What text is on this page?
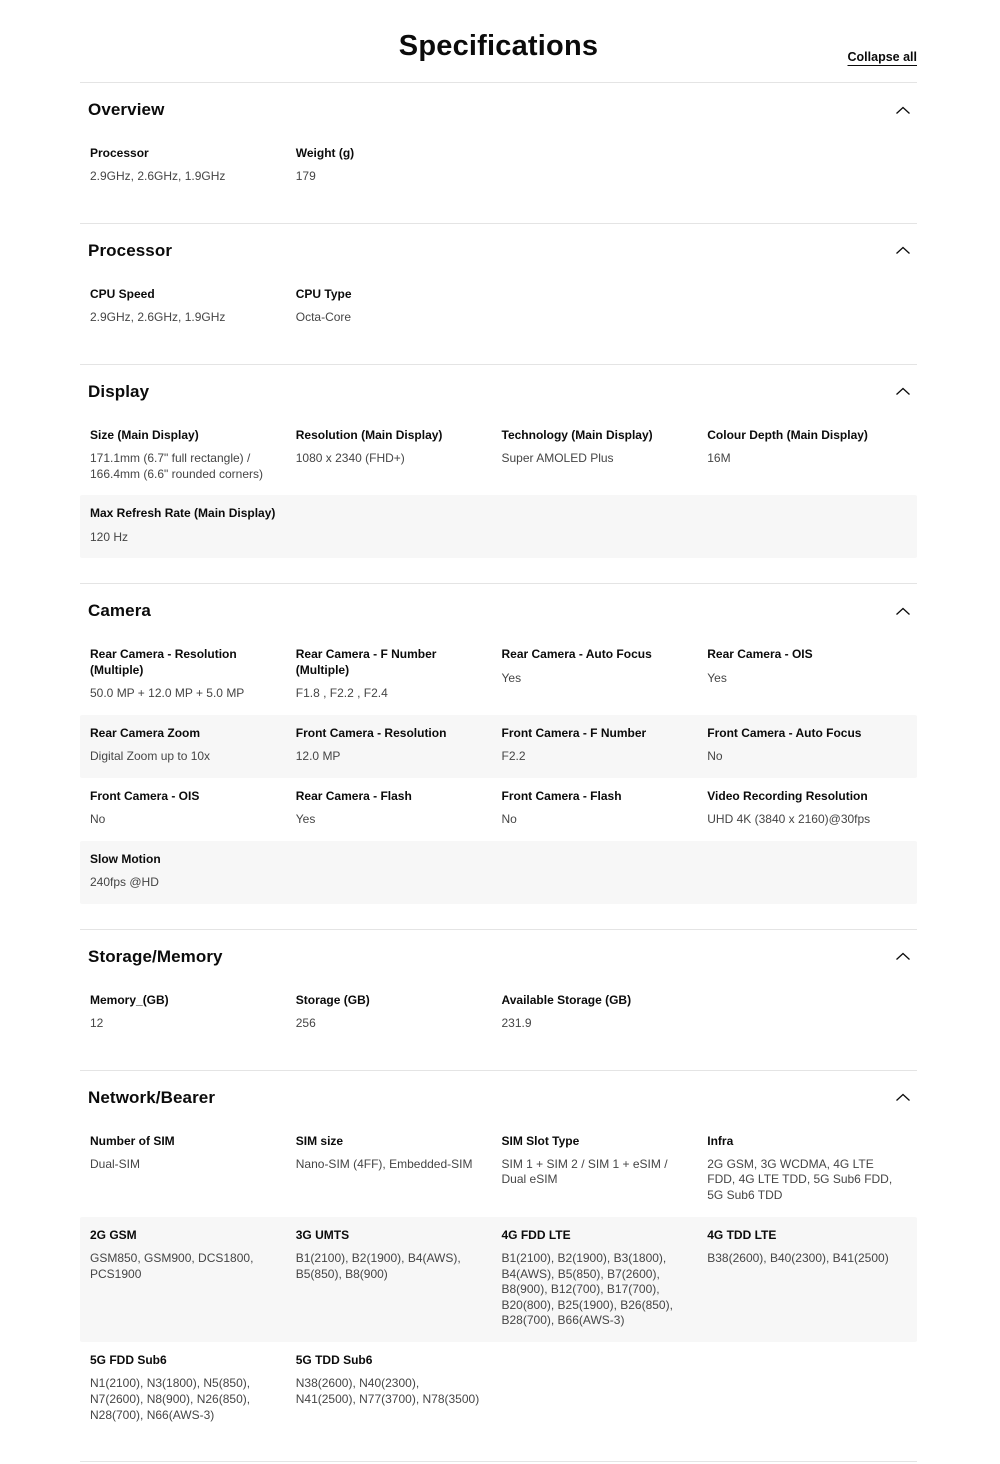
Specifications	Collapse all
Overview
Processor
2.9GHz, 2.6GHz, 1.9GHz
Weight (g)
179
Processor
CPU Speed
2.9GHz, 2.6GHz, 1.9GHz
CPU Type
Octa-Core
Display
Size (Main Display)
171.1mm (6.7" full rectangle) / 166.4mm (6.6" rounded corners)
Resolution (Main Display)
1080 x 2340 (FHD+)
Technology (Main Display)
Super AMOLED Plus
Colour Depth (Main Display)
16M
Max Refresh Rate (Main Display)
120 Hz
Camera
Rear Camera - Resolution (Multiple)
50.0 MP + 12.0 MP + 5.0 MP
Rear Camera - F Number (Multiple)
F1.8 , F2.2 , F2.4
Rear Camera - Auto Focus
Yes
Rear Camera - OIS
Yes
Rear Camera Zoom
Digital Zoom up to 10x
Front Camera - Resolution
12.0 MP
Front Camera - F Number
F2.2
Front Camera - Auto Focus
No
Front Camera - OIS
No
Rear Camera - Flash
Yes
Front Camera - Flash
No
Video Recording Resolution
UHD 4K (3840 x 2160)@30fps
Slow Motion
240fps @HD
Storage/Memory
Memory_(GB)
12
Storage (GB)
256
Available Storage (GB)
231.9
Network/Bearer
Number of SIM
Dual-SIM
SIM size
Nano-SIM (4FF), Embedded-SIM
SIM Slot Type
SIM 1 + SIM 2 / SIM 1 + eSIM / Dual eSIM
Infra
2G GSM, 3G WCDMA, 4G LTE FDD, 4G LTE TDD, 5G Sub6 FDD, 5G Sub6 TDD
2G GSM
GSM850, GSM900, DCS1800, PCS1900
3G UMTS
B1(2100), B2(1900), B4(AWS), B5(850), B8(900)
4G FDD LTE
B1(2100), B2(1900), B3(1800), B4(AWS), B5(850), B7(2600), B8(900), B12(700), B17(700), B20(800), B25(1900), B26(850), B28(700), B66(AWS-3)
4G TDD LTE
B38(2600), B40(2300), B41(2500)
5G FDD Sub6
N1(2100), N3(1800), N5(850), N7(2600), N8(900), N26(850), N28(700), N66(AWS-3)
5G TDD Sub6
N38(2600), N40(2300), N41(2500), N77(3700), N78(3500)
